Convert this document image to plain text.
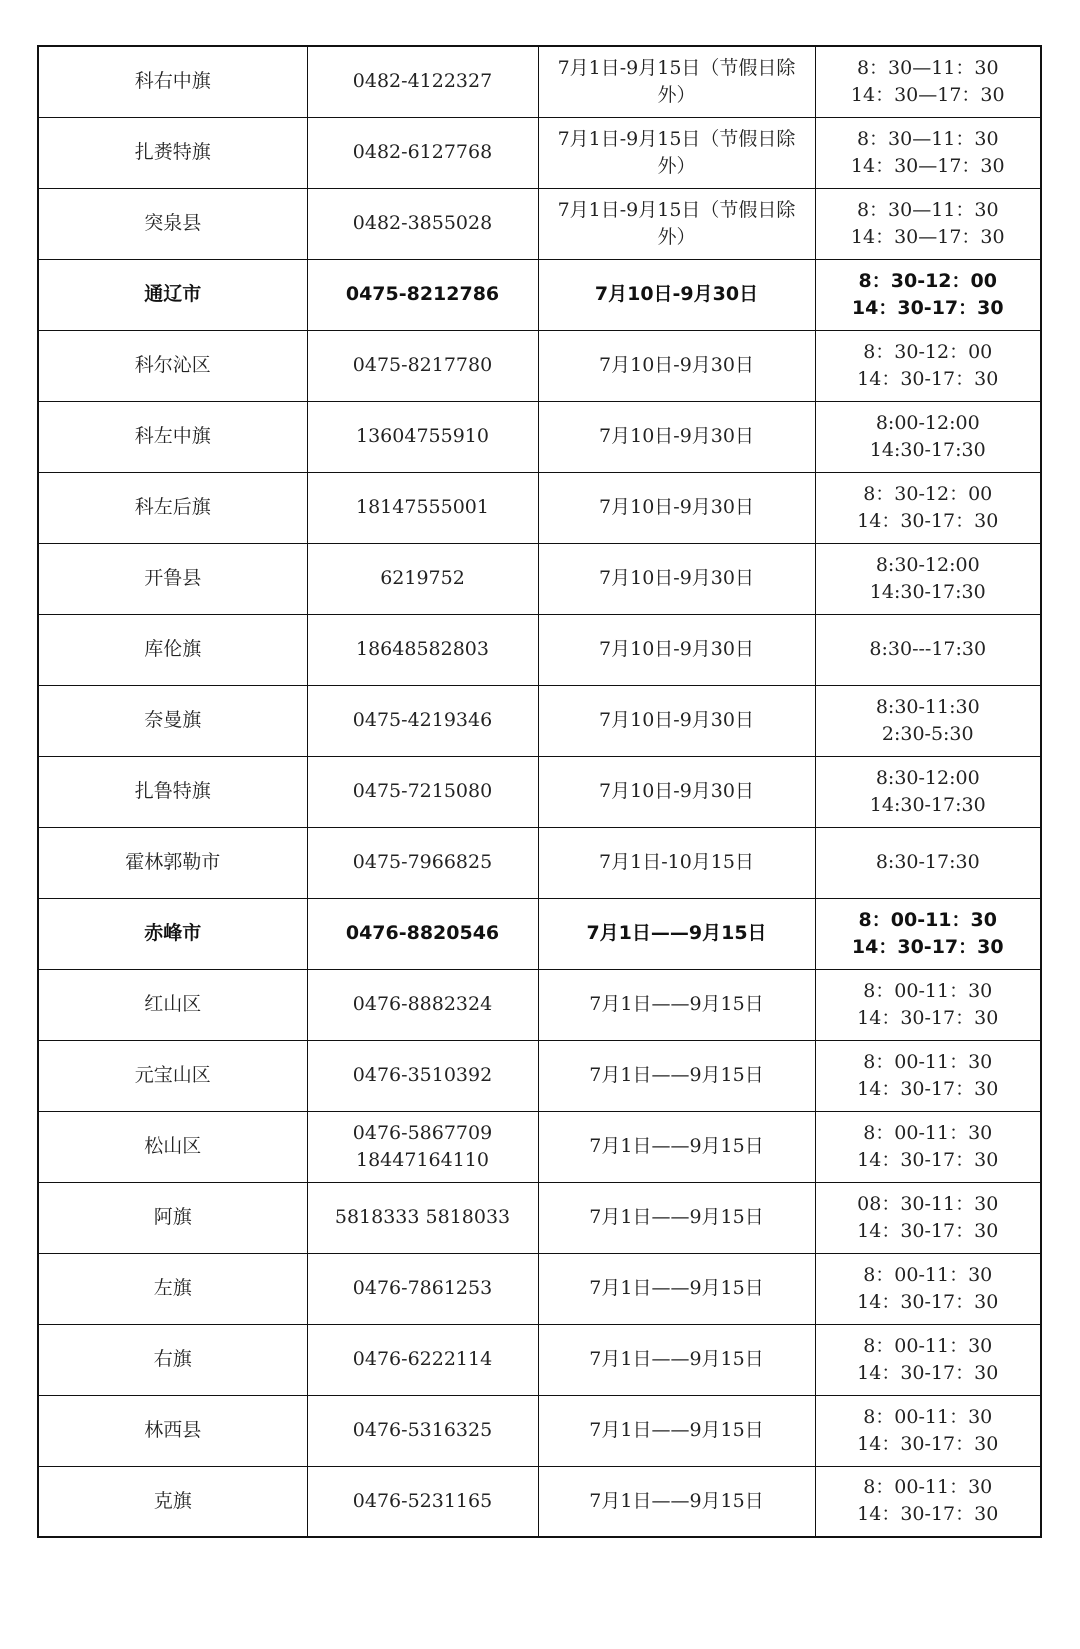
科右中旗	0482-4122327	7月1日-9月15日（节假日除
外）	8：30—11：30
14：30—17：30
扎赉特旗	0482-6127768	7月1日-9月15日（节假日除
外）	8：30—11：30
14：30—17：30
突泉县	0482-3855028	7月1日-9月15日（节假日除
外）	8：30—11：30
14：30—17：30
通辽市	0475-8212786	7月10日-9月30日	8：30-12：00
14：30-17：30
科尔沁区	0475-8217780	7月10日-9月30日	8：30-12：00
14：30-17：30
科左中旗	13604755910	7月10日-9月30日	8:00-12:00
14:30-17:30
科左后旗	18147555001	7月10日-9月30日	8：30-12：00
14：30-17：30
开鲁县	6219752	7月10日-9月30日	8:30-12:00
14:30-17:30
库伦旗	18648582803	7月10日-9月30日	8:30---17:30
奈曼旗	0475-4219346	7月10日-9月30日	8:30-11:30
2:30-5:30
扎鲁特旗	0475-7215080	7月10日-9月30日	8:30-12:00
14:30-17:30
霍林郭勒市	0475-7966825	7月1日-10月15日	8:30-17:30
赤峰市	0476-8820546	7月1日——9月15日	8：00-11：30
14：30-17：30
红山区	0476-8882324	7月1日——9月15日	8：00-11：30
14：30-17：30
元宝山区	0476-3510392	7月1日——9月15日	8：00-11：30
14：30-17：30
松山区	0476-5867709
18447164110	7月1日——9月15日	8：00-11：30
14：30-17：30
阿旗	5818333 5818033	7月1日——9月15日	08：30-11：30
14：30-17：30
左旗	0476-7861253	7月1日——9月15日	8：00-11：30
14：30-17：30
右旗	0476-6222114	7月1日——9月15日	8：00-11：30
14：30-17：30
林西县	0476-5316325	7月1日——9月15日	8：00-11：30
14：30-17：30
克旗	0476-5231165	7月1日——9月15日	8：00-11：30
14：30-17：30
